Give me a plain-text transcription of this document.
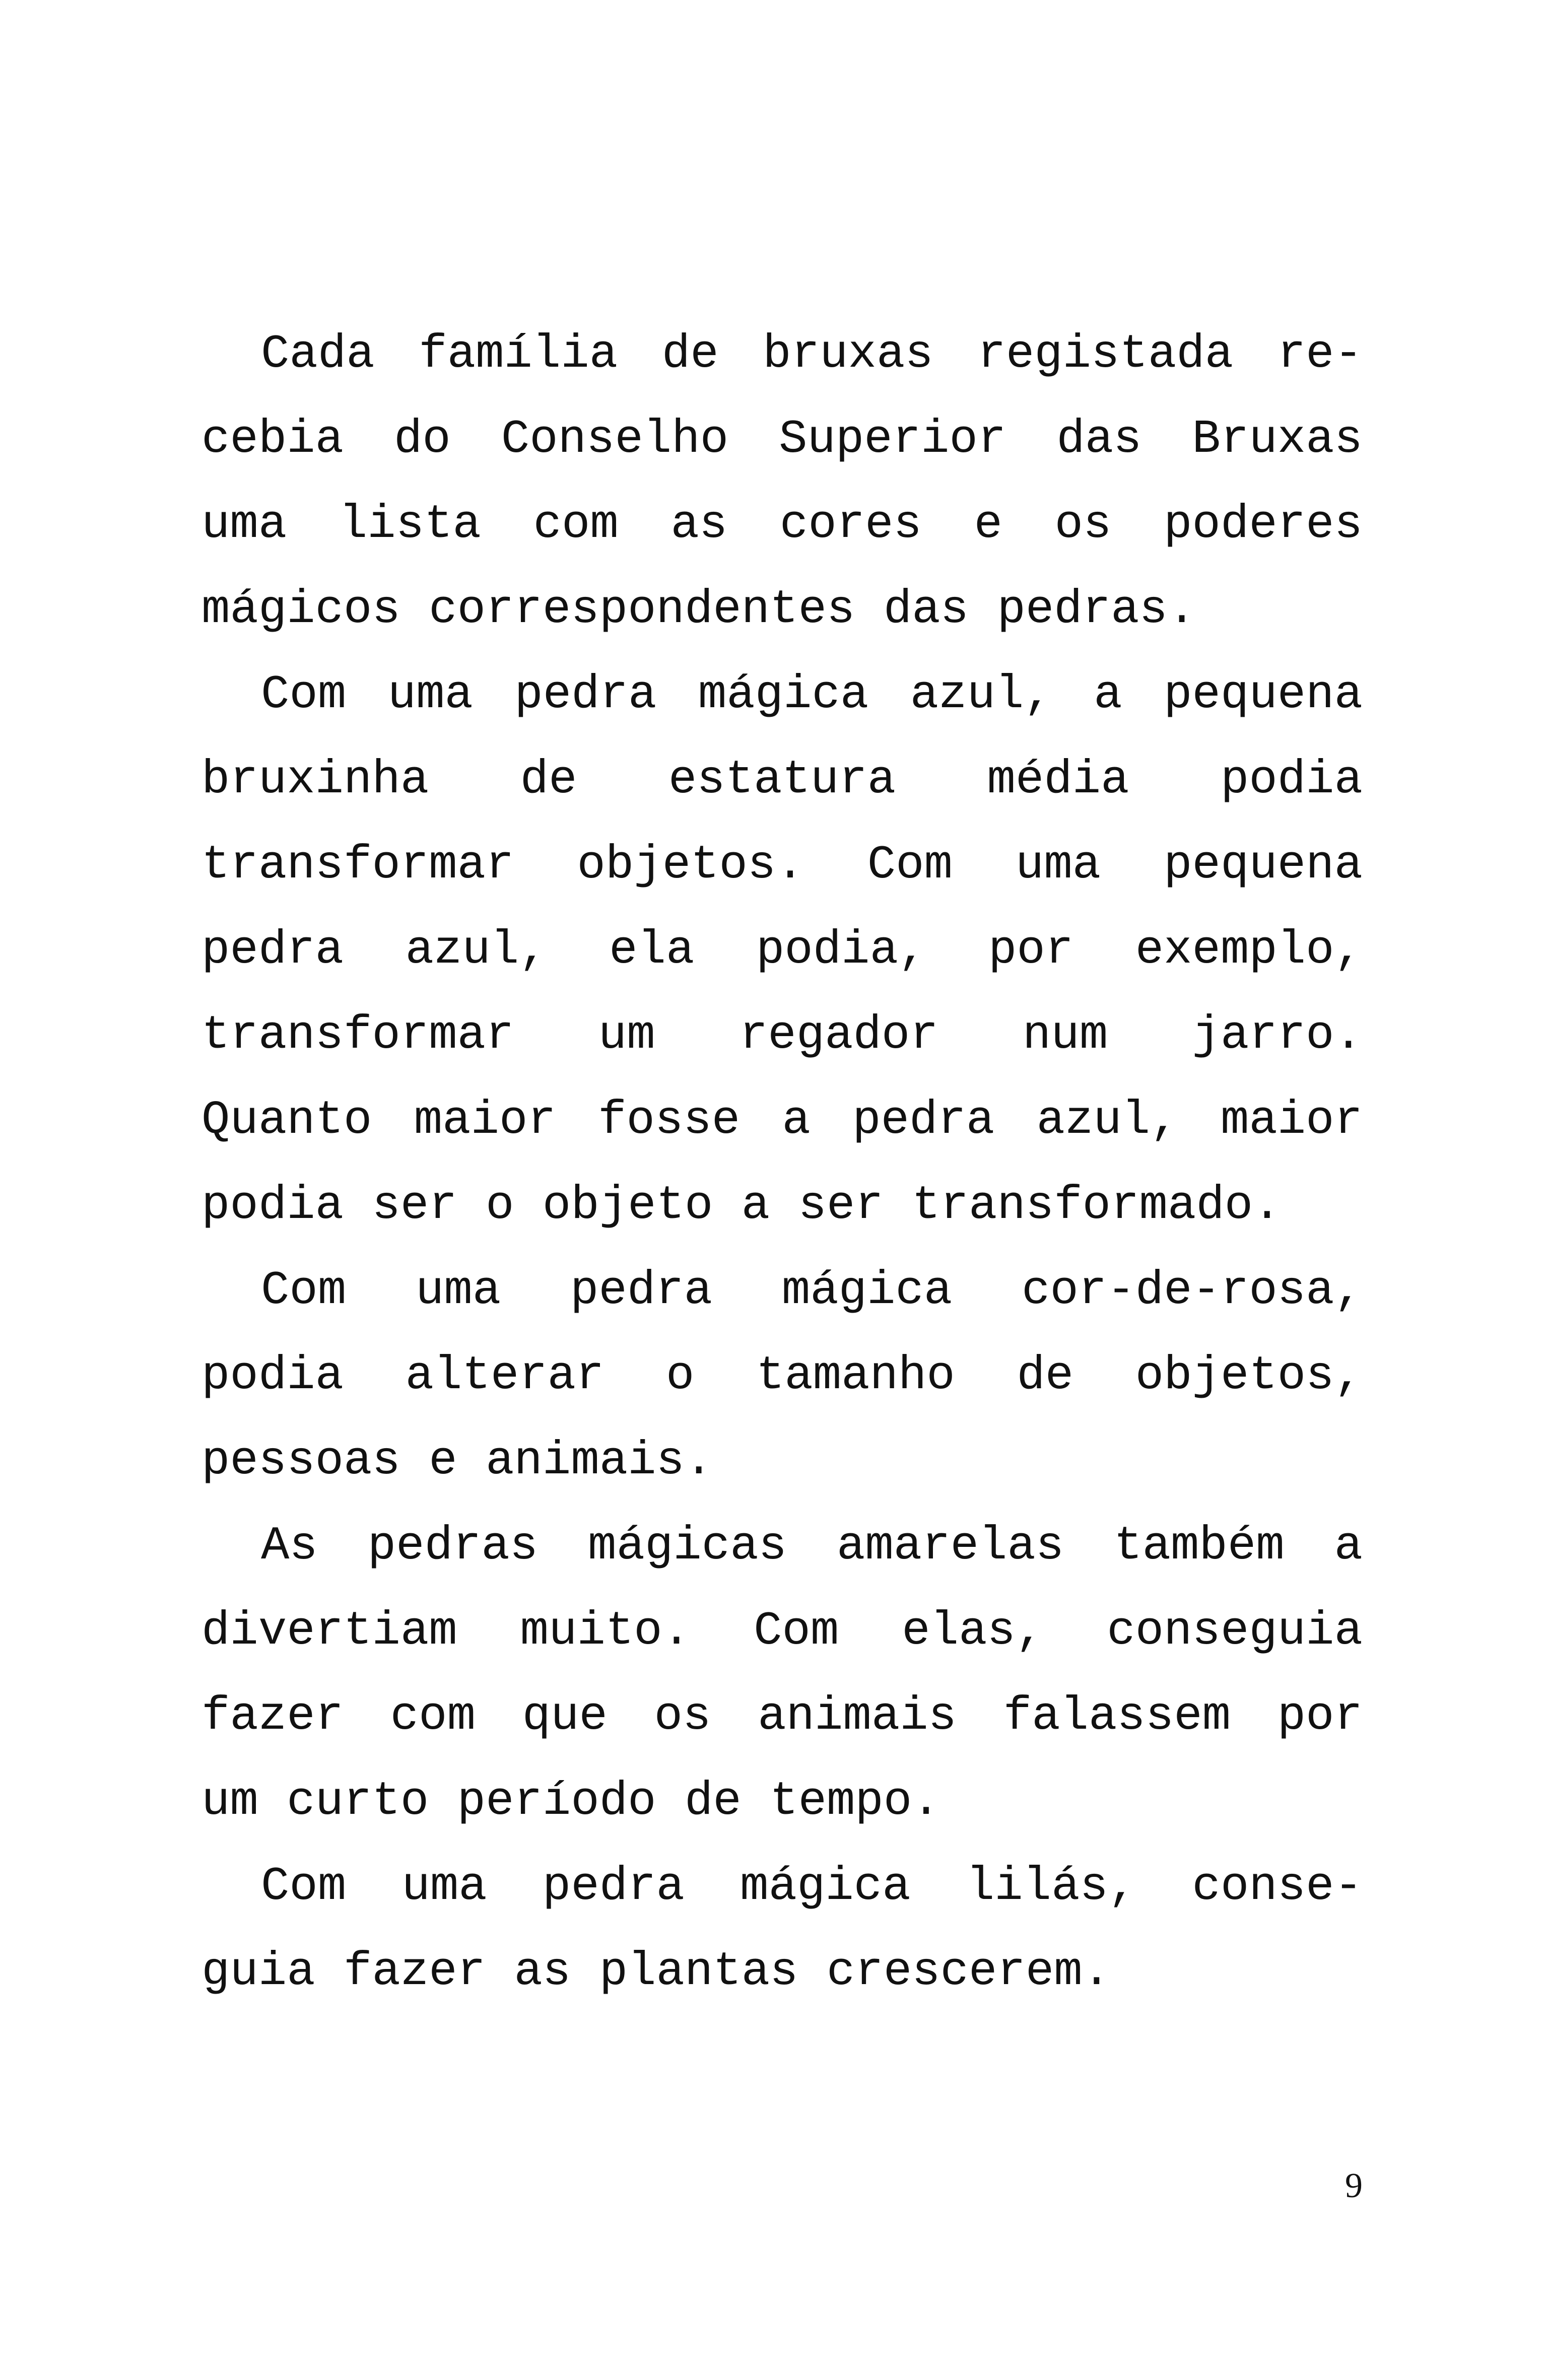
Cada família de bruxas registada re-
cebia do Conselho Superior das Bruxas
uma lista com as cores e os poderes
mágicos correspondentes das pedras.
Com uma pedra mágica azul, a pequena
bruxinha de estatura média podia
transformar objetos. Com uma pequena
pedra azul, ela podia, por exemplo,
transformar um regador num jarro.
Quanto maior fosse a pedra azul, maior
podia ser o objeto a ser transformado.
Com uma pedra mágica cor-de-rosa,
podia alterar o tamanho de objetos,
pessoas e animais.
As pedras mágicas amarelas também a
divertiam muito. Com elas, conseguia
fazer com que os animais falassem por
um curto período de tempo.
Com uma pedra mágica lilás, conse-
guia fazer as plantas crescerem.
9
